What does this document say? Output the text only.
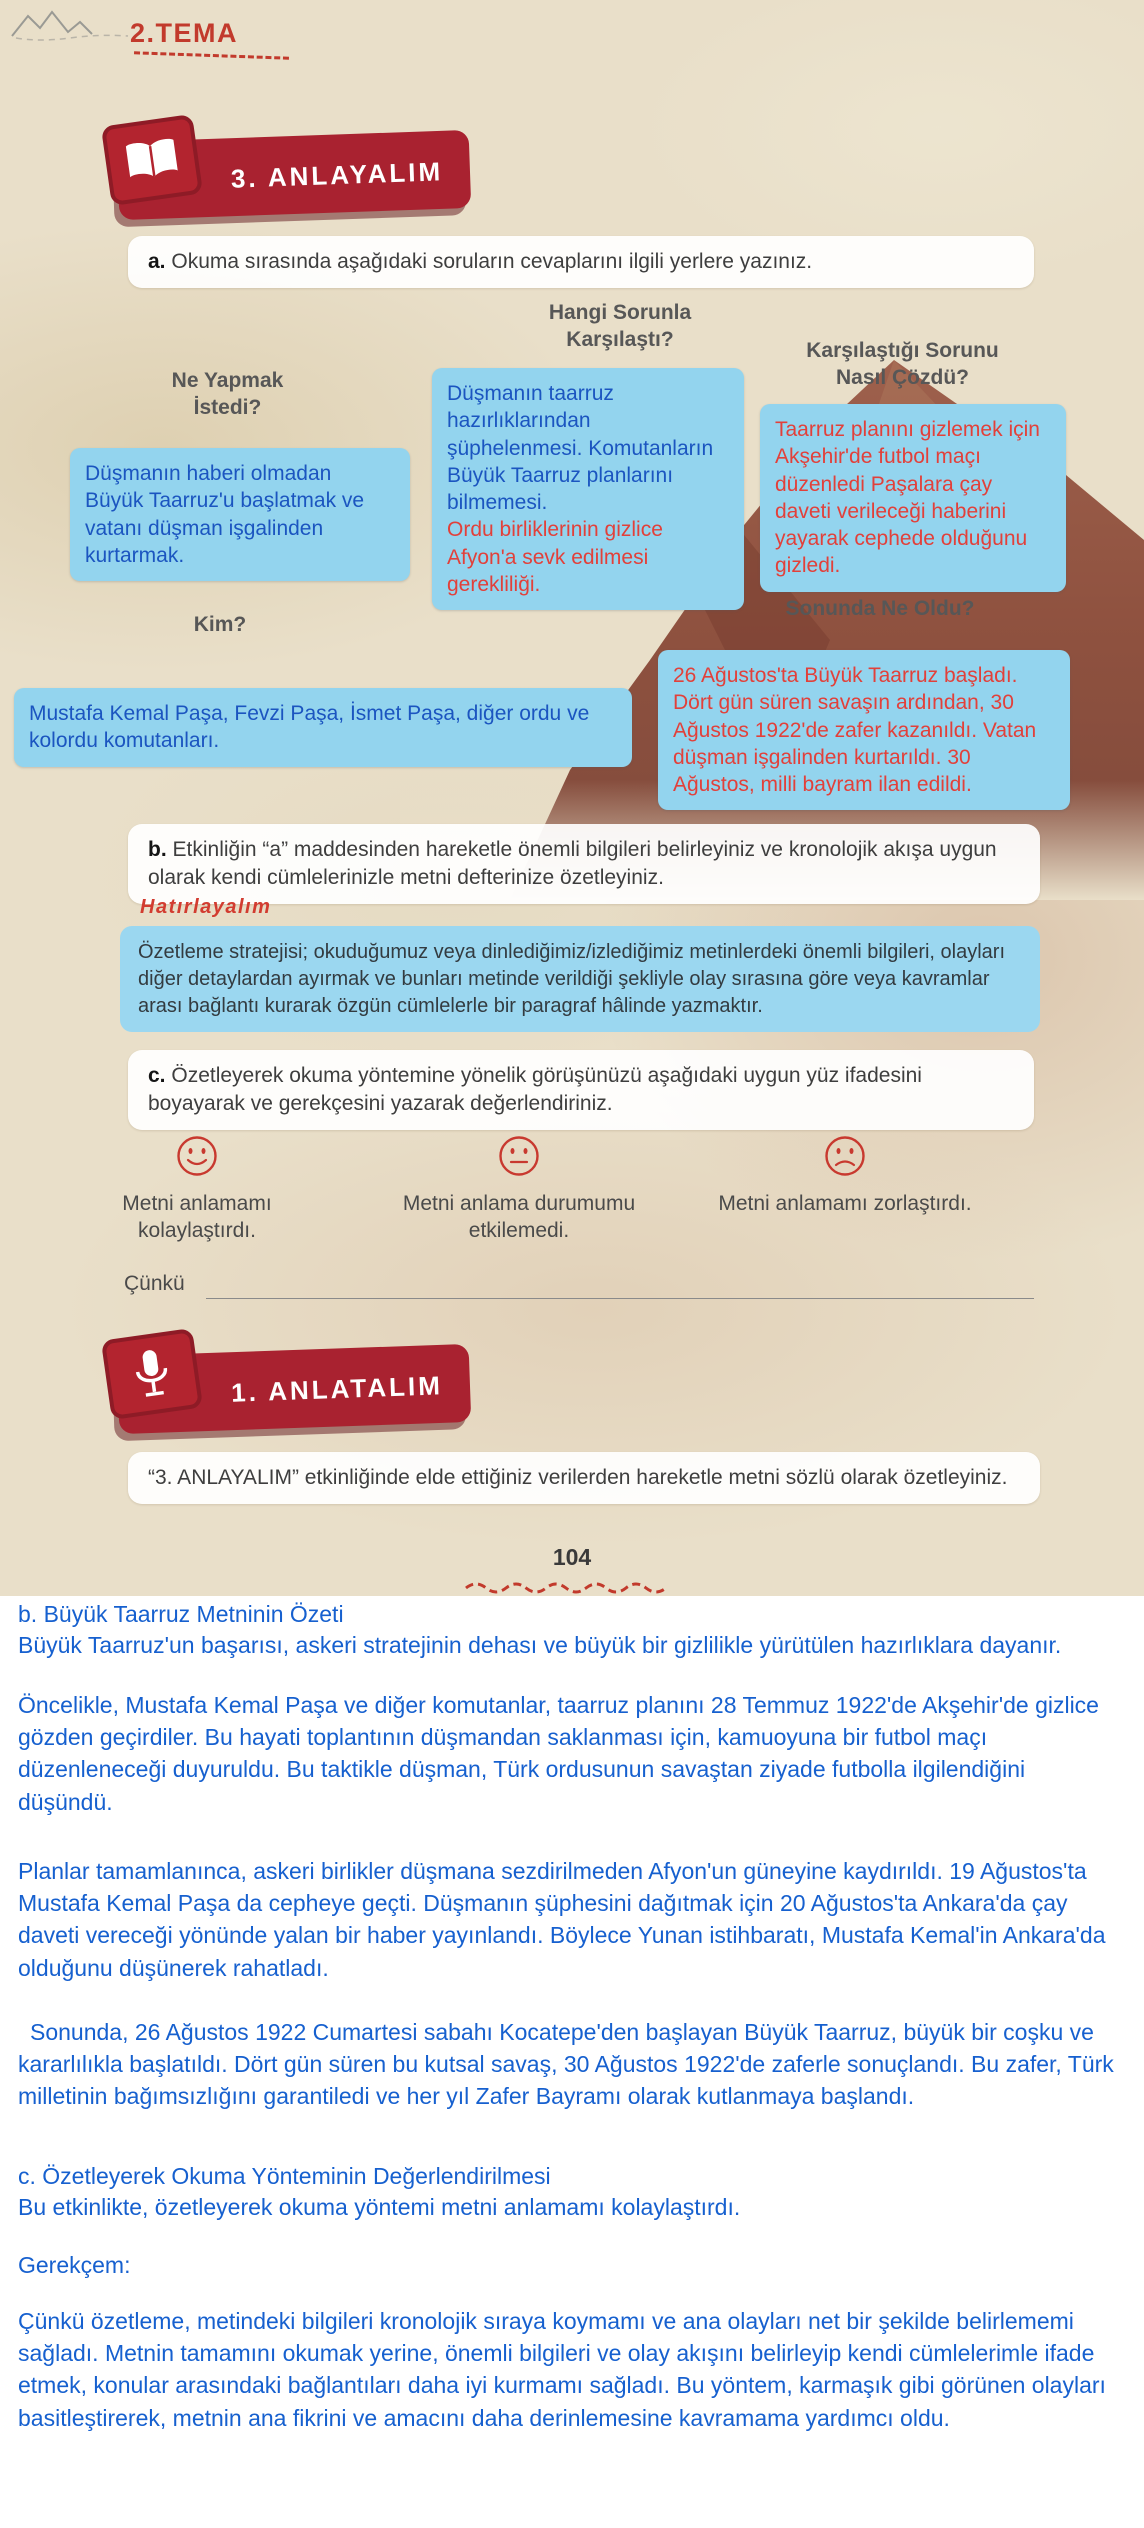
2.TEMA
3. ANLAYALIM
a. Okuma sırasında aşağıdaki soruların cevaplarını ilgili yerlere yazınız.
Hangi Sorunla Karşılaştı?
Ne Yapmak İstedi?
Karşılaştığı Sorunu Nasıl Çözdü?
Kim?
Sonunda Ne Oldu?
Düşmanın haberi olmadan Büyük Taarruz'u başlatmak ve vatanı düşman işgalinden kurtarmak.
Düşmanın taarruz hazırlıklarından şüphelenmesi. Komutanların Büyük Taarruz planlarını bilmemesi.
Ordu birliklerinin gizlice Afyon'a sevk edilmesi gerekliliği.
Taarruz planını gizlemek için Akşehir'de futbol maçı düzenledi Paşalara çay daveti verileceği haberini yayarak cephede olduğunu gizledi.
Mustafa Kemal Paşa, Fevzi Paşa, İsmet Paşa, diğer ordu ve kolordu komutanları.
26 Ağustos'ta Büyük Taarruz başladı. Dört gün süren savaşın ardından, 30 Ağustos 1922'de zafer kazanıldı. Vatan düşman işgalinden kurtarıldı. 30 Ağustos, milli bayram ilan edildi.
b. Etkinliğin “a” maddesinden hareketle önemli bilgileri belirleyiniz ve kronolojik akışa uygun olarak kendi cümlelerinizle metni defterinize özetleyiniz.
Hatırlayalım
Özetleme stratejisi; okuduğumuz veya dinlediğimiz/izlediğimiz metinlerdeki önemli bilgileri, olayları diğer detaylardan ayırmak ve bunları metinde verildiği şekliyle olay sırasına göre veya kavramlar arası bağlantı kurarak özgün cümlelerle bir paragraf hâlinde yazmaktır.
c. Özetleyerek okuma yöntemine yönelik görüşünüzü aşağıdaki uygun yüz ifadesini boyayarak ve gerekçesini yazarak değerlendiriniz.
Metni anlamamı kolaylaştırdı.
Metni anlama durumumu etkilemedi.
Metni anlamamı zorlaştırdı.
Çünkü
1. ANLATALIM
“3. ANLAYALIM” etkinliğinde elde ettiğiniz verilerden hareketle metni sözlü olarak özetleyiniz.
104
b. Büyük Taarruz Metninin Özeti
Büyük Taarruz'un başarısı, askeri stratejinin dehası ve büyük bir gizlilikle yürütülen hazırlıklara dayanır.
Öncelikle, Mustafa Kemal Paşa ve diğer komutanlar, taarruz planını 28 Temmuz 1922'de Akşehir'de gizlice gözden geçirdiler. Bu hayati toplantının düşmandan saklanması için, kamuoyuna bir futbol maçı düzenleneceği duyuruldu. Bu taktikle düşman, Türk ordusunun savaştan ziyade futbolla ilgilendiğini düşündü.
Planlar tamamlanınca, askeri birlikler düşmana sezdirilmeden Afyon'un güneyine kaydırıldı. 19 Ağustos'ta Mustafa Kemal Paşa da cepheye geçti. Düşmanın şüphesini dağıtmak için 20 Ağustos'ta Ankara'da çay daveti vereceği yönünde yalan bir haber yayınlandı. Böylece Yunan istihbaratı, Mustafa Kemal'in Ankara'da olduğunu düşünerek rahatladı.
Sonunda, 26 Ağustos 1922 Cumartesi sabahı Kocatepe'den başlayan Büyük Taarruz, büyük bir coşku ve kararlılıkla başlatıldı. Dört gün süren bu kutsal savaş, 30 Ağustos 1922'de zaferle sonuçlandı. Bu zafer, Türk milletinin bağımsızlığını garantiledi ve her yıl Zafer Bayramı olarak kutlanmaya başlandı.
c. Özetleyerek Okuma Yönteminin Değerlendirilmesi
Bu etkinlikte, özetleyerek okuma yöntemi metni anlamamı kolaylaştırdı.
Gerekçem:
Çünkü özetleme, metindeki bilgileri kronolojik sıraya koymamı ve ana olayları net bir şekilde belirlememi sağladı. Metnin tamamını okumak yerine, önemli bilgileri ve olay akışını belirleyip kendi cümlelerimle ifade etmek, konular arasındaki bağlantıları daha iyi kurmamı sağladı. Bu yöntem, karmaşık gibi görünen olayları basitleştirerek, metnin ana fikrini ve amacını daha derinlemesine kavramama yardımcı oldu.
